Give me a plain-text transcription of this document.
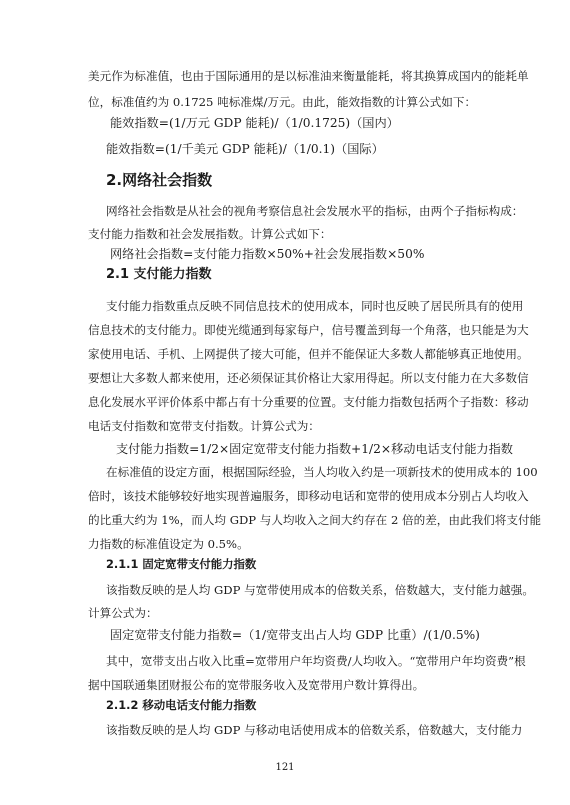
美元作为标准值，也由于国际通用的是以标准油来衡量能耗，将其换算成国内的能耗单
位，标准值约为 0.1725 吨标准煤/万元。由此，能效指数的计算公式如下：
能效指数=(1/万元 GDP 能耗)/（1/0.1725)（国内）
能效指数=(1/千美元 GDP 能耗)/（1/0.1)（国际）
2.网络社会指数
网络社会指数是从社会的视角考察信息社会发展水平的指标，由两个子指标构成：
支付能力指数和社会发展指数。计算公式如下：
网络社会指数=支付能力指数×50%+社会发展指数×50%
2.1 支付能力指数
支付能力指数重点反映不同信息技术的使用成本，同时也反映了居民所具有的使用
信息技术的支付能力。即使光缆通到每家每户，信号覆盖到每一个角落，也只能是为大
家使用电话、手机、上网提供了接大可能，但并不能保证大多数人都能够真正地使用。
要想让大多数人都来使用，还必须保证其价格让大家用得起。所以支付能力在大多数信
息化发展水平评价体系中都占有十分重要的位置。支付能力指数包括两个子指数：移动
电话支付指数和宽带支付指数。计算公式为：
支付能力指数=1/2×固定宽带支付能力指数+1/2×移动电话支付能力指数
在标准值的设定方面，根据国际经验，当人均收入约是一项新技术的使用成本的 100
倍时，该技术能够较好地实现普遍服务，即移动电话和宽带的使用成本分别占人均收入
的比重大约为 1%，而人均 GDP 与人均收入之间大约存在 2 倍的差，由此我们将支付能
力指数的标准值设定为 0.5%。
2.1.1 固定宽带支付能力指数
该指数反映的是人均 GDP 与宽带使用成本的倍数关系，倍数越大，支付能力越强。
计算公式为：
固定宽带支付能力指数=（1/宽带支出占人均 GDP 比重）/(1/0.5%)
其中，宽带支出占收入比重=宽带用户年均资费/人均收入。“宽带用户年均资费”根
据中国联通集团财报公布的宽带服务收入及宽带用户数计算得出。
2.1.2 移动电话支付能力指数
该指数反映的是人均 GDP 与移动电话使用成本的倍数关系，倍数越大，支付能力
121
